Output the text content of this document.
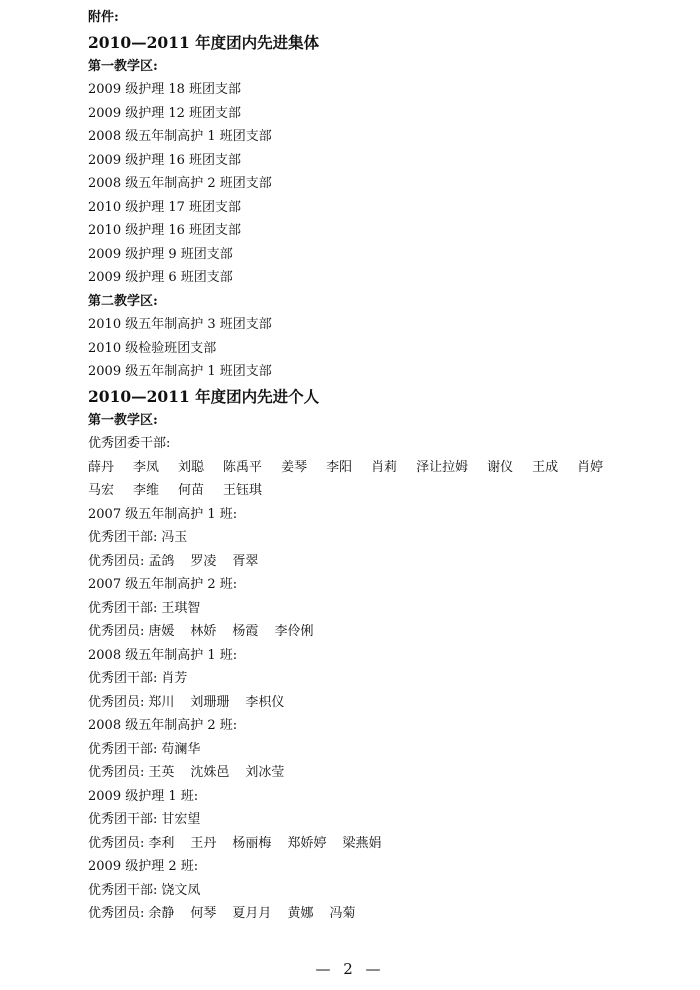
附件:
2010—2011 年度团内先进集体
第一教学区:
2009 级护理 18 班团支部
2009 级护理 12 班团支部
2008 级五年制高护 1 班团支部
2009 级护理 16 班团支部
2008 级五年制高护 2 班团支部
2010 级护理 17 班团支部
2010 级护理 16 班团支部
2009 级护理 9 班团支部
2009 级护理 6 班团支部
第二教学区:
2010 级五年制高护 3 班团支部
2010 级检验班团支部
2009 级五年制高护 1 班团支部
2010—2011 年度团内先进个人
第一教学区:
优秀团委干部:
薛丹 李凤 刘聪 陈禹平 姜琴 李阳 肖莉 泽让拉姆 谢仪 王成 肖婷
马宏 李维 何苗 王钰琪
2007 级五年制高护 1 班:
优秀团干部: 冯玉
优秀团员: 孟鸽 罗凌 胥翠
2007 级五年制高护 2 班:
优秀团干部: 王琪智
优秀团员: 唐媛 林娇 杨霞 李伶俐
2008 级五年制高护 1 班:
优秀团干部: 肖芳
优秀团员: 郑川 刘珊珊 李枳仪
2008 级五年制高护 2 班:
优秀团干部: 苟澜华
优秀团员: 王英 沈姝邑 刘冰莹
2009 级护理 1 班:
优秀团干部: 甘宏望
优秀团员: 李利 王丹 杨丽梅 郑娇婷 梁燕娟
2009 级护理 2 班:
优秀团干部: 饶文凤
优秀团员: 余静 何琴 夏月月 黄娜 冯菊
— 2 —
